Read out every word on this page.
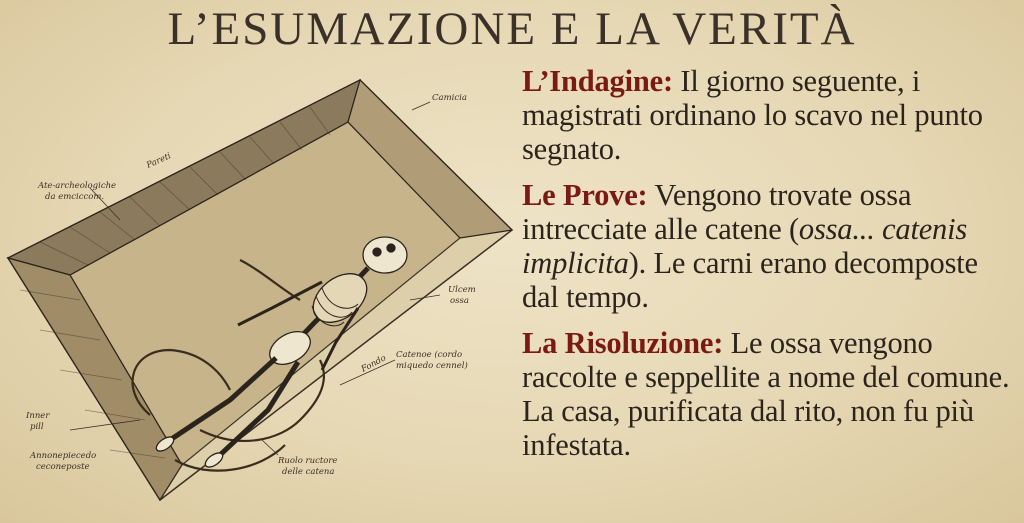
L’ESUMAZIONE E LA VERITÀ
Camicia
Pareti
Ate-archeologiche
da emciccom.
Ulcem
ossa
Catenoe (cordo
miquedo cennel)
Fondo
Inner
pill
Annonepiecedo
ceconeposte
Ruolo ructore
delle catena

L’Indagine: Il giorno seguente, i magistrati ordinano lo scavo nel punto segnato.

Le Prove: Vengono trovate ossa intrecciate alle catene (ossa... catenis implicita). Le carni erano decomposte dal tempo.

La Risoluzione: Le ossa vengono raccolte e seppellite a nome del comune. La casa, purificata dal rito, non fu più infestata.
